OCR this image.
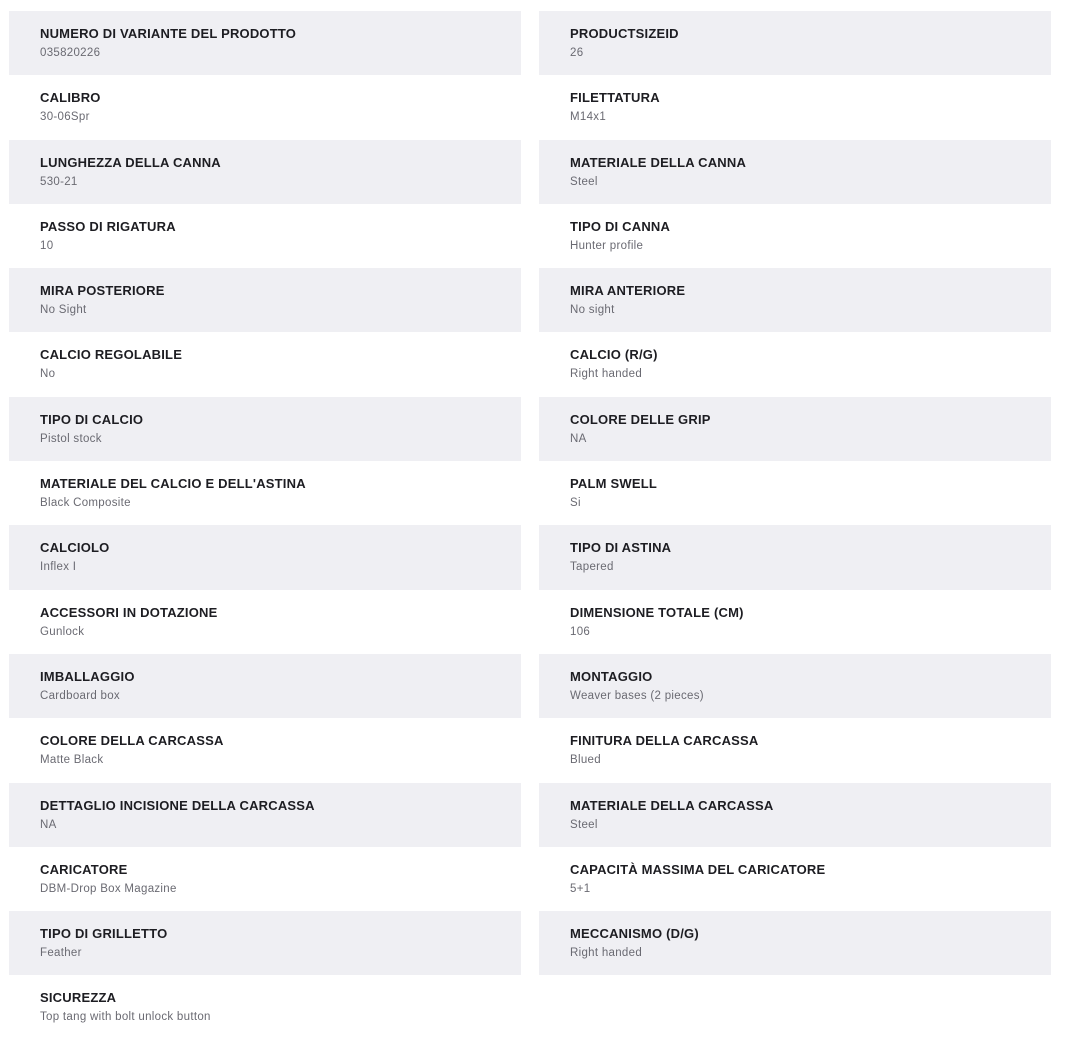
NUMERO DI VARIANTE DEL PRODOTTO
035820226
PRODUCTSIZEID
26
CALIBRO
30-06Spr
FILETTATURA
M14x1
LUNGHEZZA DELLA CANNA
530-21
MATERIALE DELLA CANNA
Steel
PASSO DI RIGATURA
10
TIPO DI CANNA
Hunter profile
MIRA POSTERIORE
No Sight
MIRA ANTERIORE
No sight
CALCIO REGOLABILE
No
CALCIO (R/G)
Right handed
TIPO DI CALCIO
Pistol stock
COLORE DELLE GRIP
NA
MATERIALE DEL CALCIO E DELL'ASTINA
Black Composite
PALM SWELL
Si
CALCIOLO
Inflex I
TIPO DI ASTINA
Tapered
ACCESSORI IN DOTAZIONE
Gunlock
DIMENSIONE TOTALE (CM)
106
IMBALLAGGIO
Cardboard box
MONTAGGIO
Weaver bases (2 pieces)
COLORE DELLA CARCASSA
Matte Black
FINITURA DELLA CARCASSA
Blued
DETTAGLIO INCISIONE DELLA CARCASSA
NA
MATERIALE DELLA CARCASSA
Steel
CARICATORE
DBM-Drop Box Magazine
CAPACITÀ MASSIMA DEL CARICATORE
5+1
TIPO DI GRILLETTO
Feather
MECCANISMO (D/G)
Right handed
SICUREZZA
Top tang with bolt unlock button
